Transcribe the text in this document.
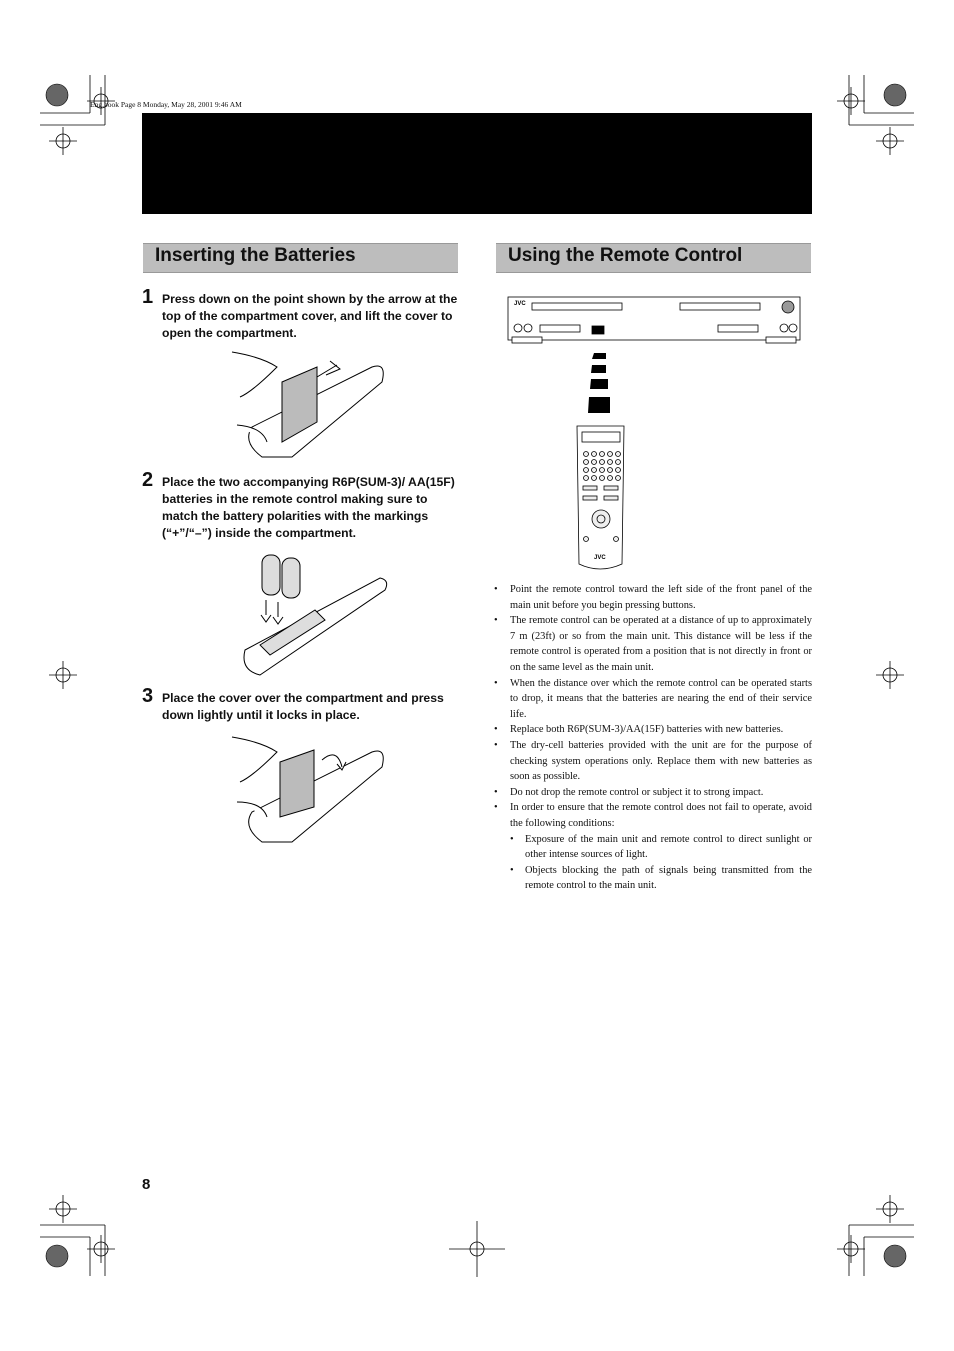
Eng.book Page 8 Monday, May 28, 2001 9:46 AM
Inserting the Batteries
1 Press down on the point shown by the arrow at the top of the compartment cover, and lift the cover to open the compartment.
2 Place the two accompanying R6P(SUM-3)/ AA(15F) batteries in the remote control making sure to match the battery polarities with the markings (“+”/“–”) inside the compartment.
3 Place the cover over the compartment and press down lightly until it locks in place.
Using the Remote Control
JVC
JVC
• Point the remote control toward the left side of the front panel of the main unit before you begin pressing buttons.
• The remote control can be operated at a distance of up to approximately 7 m (23ft) or so from the main unit. This distance will be less if the remote control is operated from a position that is not directly in front or on the same level as the main unit.
• When the distance over which the remote control can be operated starts to drop, it means that the batteries are nearing the end of their service life.
• Replace both R6P(SUM-3)/AA(15F) batteries with new batteries.
• The dry-cell batteries provided with the unit are for the purpose of checking system operations only. Replace them with new batteries as soon as possible.
• Do not drop the remote control or subject it to strong impact.
• In order to ensure that the remote control does not fail to operate, avoid the following conditions:
• Exposure of the main unit and remote control to direct sunlight or other intense sources of light.
• Objects blocking the path of signals being transmitted from the remote control to the main unit.
8
